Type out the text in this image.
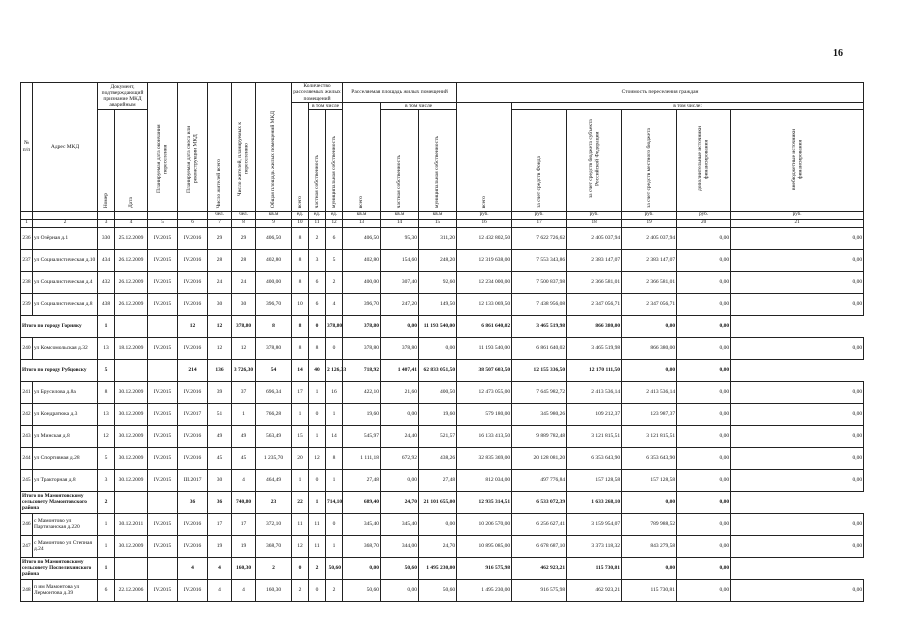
16
№ п/п	Адрес МКД	Документ, подтверждающий признание МКД аварийным		Планируемая дата окончания переселения	Планируемая дата сноса или реконструкции МКД	Число жителей всего	Число жителей, планируемых к переселению	Общая площадь жилых помещений МКД	Количество расселяемых жилых помещений			Расселяемая площадь жилых помещений			Стоимость переселения граждан					
									всего	в том числе		всего	в том числе		всего	в том числе:				
		Номер	Дата							частная собственность	муниципальная собственность		частная собственность	муниципальная собственность		за счет средств Фонда	за счет средств бюджета субъекта Российской Федерации	за счет средств местного бюджета	дополнительные источники финансирования	внебюджетные источники финансирования
						чел.	чел.	кв.м	ед.	ед.	ед.	кв.м	кв.м	кв.м	руб.	руб.	руб.	руб.	руб.	руб.
1	2	3	4	5	6	7	8	9	10	11	12	13	14	15	16	17	18	19	20	21
236	ул Озёрная д.1	330	25.12.2009	IV.2015	IV.2016	29	29	406,50	8	2	6	406,50	95,30	311,20	12 432 802,50	7 622 726,62	2 405 037,94	2 405 037,94	0,00	0,00
237	ул Социалистическая д.10	434	26.12.2009	IV.2015	IV.2016	28	28	402,80	8	3	5	402,80	154,60	248,20	12 319 638,00	7 553 343,86	2 383 147,07	2 383 147,07	0,00	0,00
238	ул Социалистическая д.4	432	26.12.2009	IV.2015	IV.2016	24	24	400,00	8	6	2	400,00	307,40	92,60	12 234 000,00	7 500 837,98	2 366 581,01	2 366 581,01	0,00	0,00
239	ул Социалистическая д.8	438	26.12.2009	IV.2015	IV.2016	30	30	396,70	10	6	4	396,70	247,20	149,50	12 133 069,50	7 438 956,08	2 347 056,71	2 347 056,71	0,00	0,00
Итого по городу Горняку		1			12	12	378,80	8	8	0	378,80	378,80	0,00	11 193 540,00	6 861 640,02	3 465 519,98	866 380,00	0,00	0,00	
240	ул Комсомольская д.32	13	18.12.2009	IV.2015	IV.2016	12	12	378,80	8	8	0	378,80	378,80	0,00	11 193 540,00	6 861 640,02	3 465 519,98	866 380,00	0,00	0,00
Итого по городу Рубцовску		5			214	136	3 726,30	54	14	40	2 126,33	718,92	1 407,41	62 833 051,50	38 507 603,50	12 155 336,50	12 170 111,50	0,00	0,00	
241	ул Брусилова д.8а	8	30.12.2009	IV.2015	IV.2016	39	37	696,34	17	1	16	422,10	21,60	400,50	12 473 055,00	7 645 982,72	2 413 536,14	2 413 536,14	0,00	0,00
242	ул Кондратюка д.3	13	30.12.2009	IV.2015	IV.2017	51	1	766,28	1	0	1	19,60	0,00	19,60	579 180,00	345 980,26	109 212,37	123 987,37	0,00	0,00
243	ул Минская д.8	12	30.12.2009	IV.2015	IV.2016	49	49	563,49	15	1	14	545,97	24,40	521,57	16 133 413,50	9 889 782,48	3 121 815,51	3 121 815,51	0,00	0,00
244	ул Спортивная д.28	5	30.12.2009	IV.2015	IV.2016	45	45	1 235,70	20	12	8	1 111,18	672,92	438,26	32 835 369,00	20 128 081,20	6 353 643,90	6 353 643,90	0,00	0,00
245	ул Тракторная д.8	3	30.12.2009	IV.2015	III.2017	30	4	464,49	1	0	1	27,48	0,00	27,48	812 034,00	497 776,84	157 128,58	157 128,58	0,00	0,00
Итого по Мамонтовскому сельсовету Мамонтовского района		2			36	36	740,80	23	22	1	714,10	689,40	24,70	21 101 655,00	12 935 314,51	6 533 072,39	1 633 268,10	0,00	0,00	
246	с Мамонтово ул Партизанская д.220	1	30.12.2011	IV.2015	IV.2016	17	17	372,10	11	11	0	345,40	345,40	0,00	10 206 570,00	6 256 627,41	3 159 954,07	789 988,52	0,00	0,00
247	с Мамонтово ул Степная д.24	1	30.12.2009	IV.2015	IV.2016	19	19	368,70	12	11	1	368,70	344,00	24,70	10 895 085,00	6 678 687,10	3 373 118,32	843 279,58	0,00	0,00
Итого по Мамонтовскому сельсовету Поспелихинского района		1			4	4	160,30	2	0	2	50,60	0,00	50,60	1 495 230,00	916 575,98	462 923,21	115 730,81	0,00	0,00	
248	п им Мамонтова ул Лермонтова д.39	6	22.12.2006	IV.2015	IV.2016	4	4	160,30	2	0	2	50,60	0,00	50,60	1 495 230,00	916 575,98	462 923,21	115 730,81	0,00	0,00
